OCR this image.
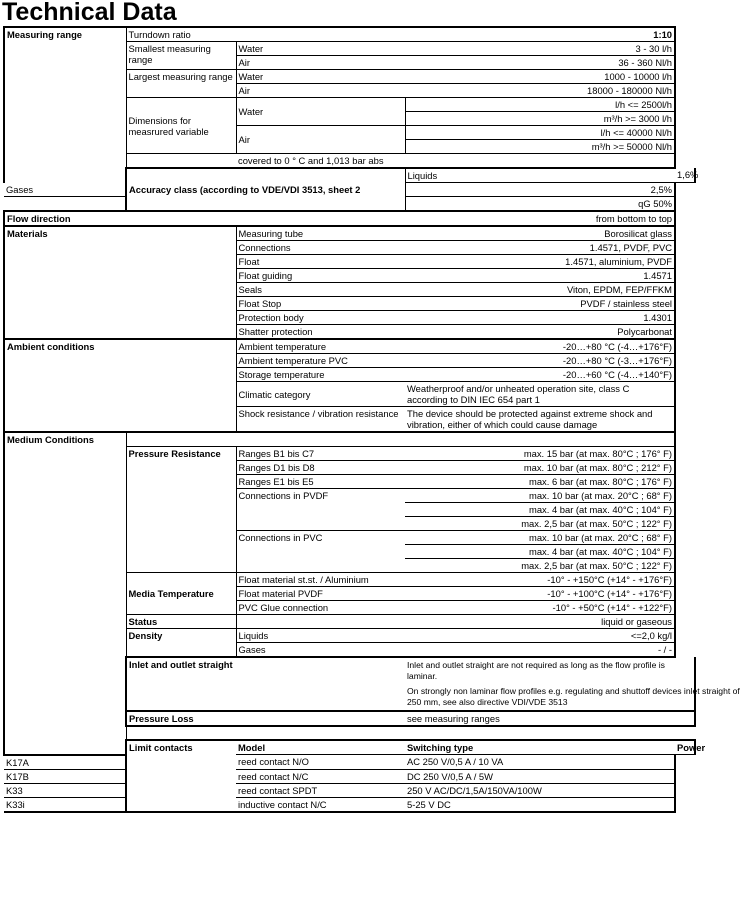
Technical Data
Measuring range	Turndown ratio		1:10	
	Smallest measuring range	Water	3 - 30 l/h	
		Air	36 - 360 Nl/h	
	Largest measuring range	Water	1000 - 10000 l/h	
		Air	18000 - 180000 Nl/h	
	Dimensions for measrured variable	Water	l/h <= 2500l/h	
			m³/h >= 3000 l/h	
		Air	l/h <= 40000 Nl/h	
			m³/h >= 50000 Nl/h	
		covered to 0 ° C and 1,013 bar abs		
	Accuracy class (according to VDE/VDI 3513, sheet 2		Liquids	1,6%
Gases			2,5%	
			qG 50%	
Flow direction			from bottom to top	
Materials		Measuring tube	Borosilicat glass	
		Connections	1.4571, PVDF, PVC	
		Float	1.4571, aluminium, PVDF	
		Float guiding	1.4571	
		Seals	Viton, EPDM, FEP/FFKM	
		Float Stop	PVDF / stainless steel	
		Protection body	1.4301	
		Shatter protection	Polycarbonat	
Ambient conditions		Ambient temperature	-20…+80 °C (-4…+176°F)	
		Ambient temperature PVC	-20…+80 °C (-3…+176°F)	
		Storage temperature	-20…+60 °C (-4…+140°F)	
		Climatic category	Weatherproof and/or unheated operation site, class C according to DIN IEC 654 part 1	
		Shock resistance / vibration resistance	The device should be protected against extreme shock and vibration, either of which could cause damage	
Medium Conditions				
	Pressure Resistance	Ranges B1 bis C7	max. 15 bar (at max. 80°C ; 176° F)	
		Ranges D1 bis D8	max. 10 bar (at max. 80°C ; 212° F)	
		Ranges E1 bis E5	max. 6 bar (at max. 80°C ; 176° F)	
		Connections in PVDF	max. 10 bar (at max. 20°C ; 68° F)	
			max. 4 bar (at max. 40°C ; 104° F)	
			max. 2,5 bar (at max. 50°C ; 122° F)	
		Connections in PVC	max. 10 bar (at max. 20°C ; 68° F)	
			max. 4 bar (at max. 40°C ; 104° F)	
			max. 2,5 bar (at max. 50°C ; 122° F)	
	Media Temperature	Float material st.st. / Aluminium	-10° - +150°C (+14° - +176°F)	
		Float material PVDF	-10° - +100°C (+14° - +176°F)	
		PVC Glue connection	-10° - +50°C (+14° - +122°F)	
	Status		liquid or gaseous	
	Density	Liquids	<=2,0 kg/l	
		Gases	- / -	
	Inlet and outlet straight		Inlet and outlet straight are not required as long as the flow profile is laminar.
On strongly non laminar flow profiles e.g. regulating and shuttoff devices inlet straight of 250 mm, see also directive VDI/VDE 3513	

	Pressure Loss		see measuring ranges	

	Limit contacts	Model	Switching type	Power
K17A		reed contact N/O	AC 250 V/0,5 A / 10 VA	
K17B		reed contact N/C	DC 250 V/0,5 A / 5W	
K33		reed contact SPDT	250 V AC/DC/1,5A/150VA/100W	
K33i		inductive contact N/C	5-25 V DC	
